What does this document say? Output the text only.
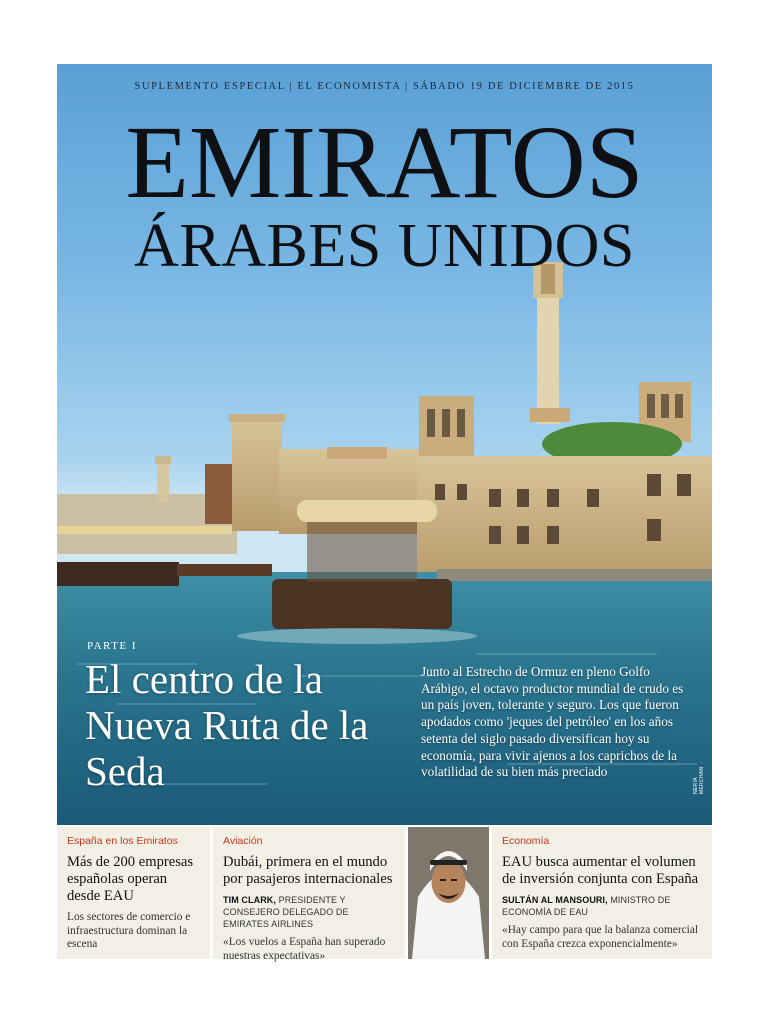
SUPLEMENTO ESPECIAL | EL ECONOMISTA | SÁBADO 19 DE DICIEMBRE DE 2015
EMIRATOS
ÁRABES UNIDOS
PARTE I
El centro de la Nueva Ruta de la Seda
Junto al Estrecho de Ormuz en pleno Golfo Arábigo, el octavo productor mundial de crudo es un país joven, tolerante y seguro. Los que fueron apodados como 'jeques del petróleo' en los años setenta del siglo pasado diversifican hoy su economía, para vivir ajenos a los caprichos de la volatilidad de su bien más preciado
NERÍA MERCHAN
España en los Emiratos
Más de 200 empresas españolas operan desde EAU
Los sectores de comercio e infraestructura dominan la escena
Aviación
Dubái, primera en el mundo por pasajeros internacionales
TIM CLARK, PRESIDENTE Y CONSEJERO DELEGADO DE EMIRATES AIRLINES
«Los vuelos a España han superado nuestras expectativas»
Economía
EAU busca aumentar el volumen de inversión conjunta con España
SULTÁN AL MANSOURI, MINISTRO DE ECONOMÍA DE EAU
«Hay campo para que la balanza comercial con España crezca exponencialmente»
